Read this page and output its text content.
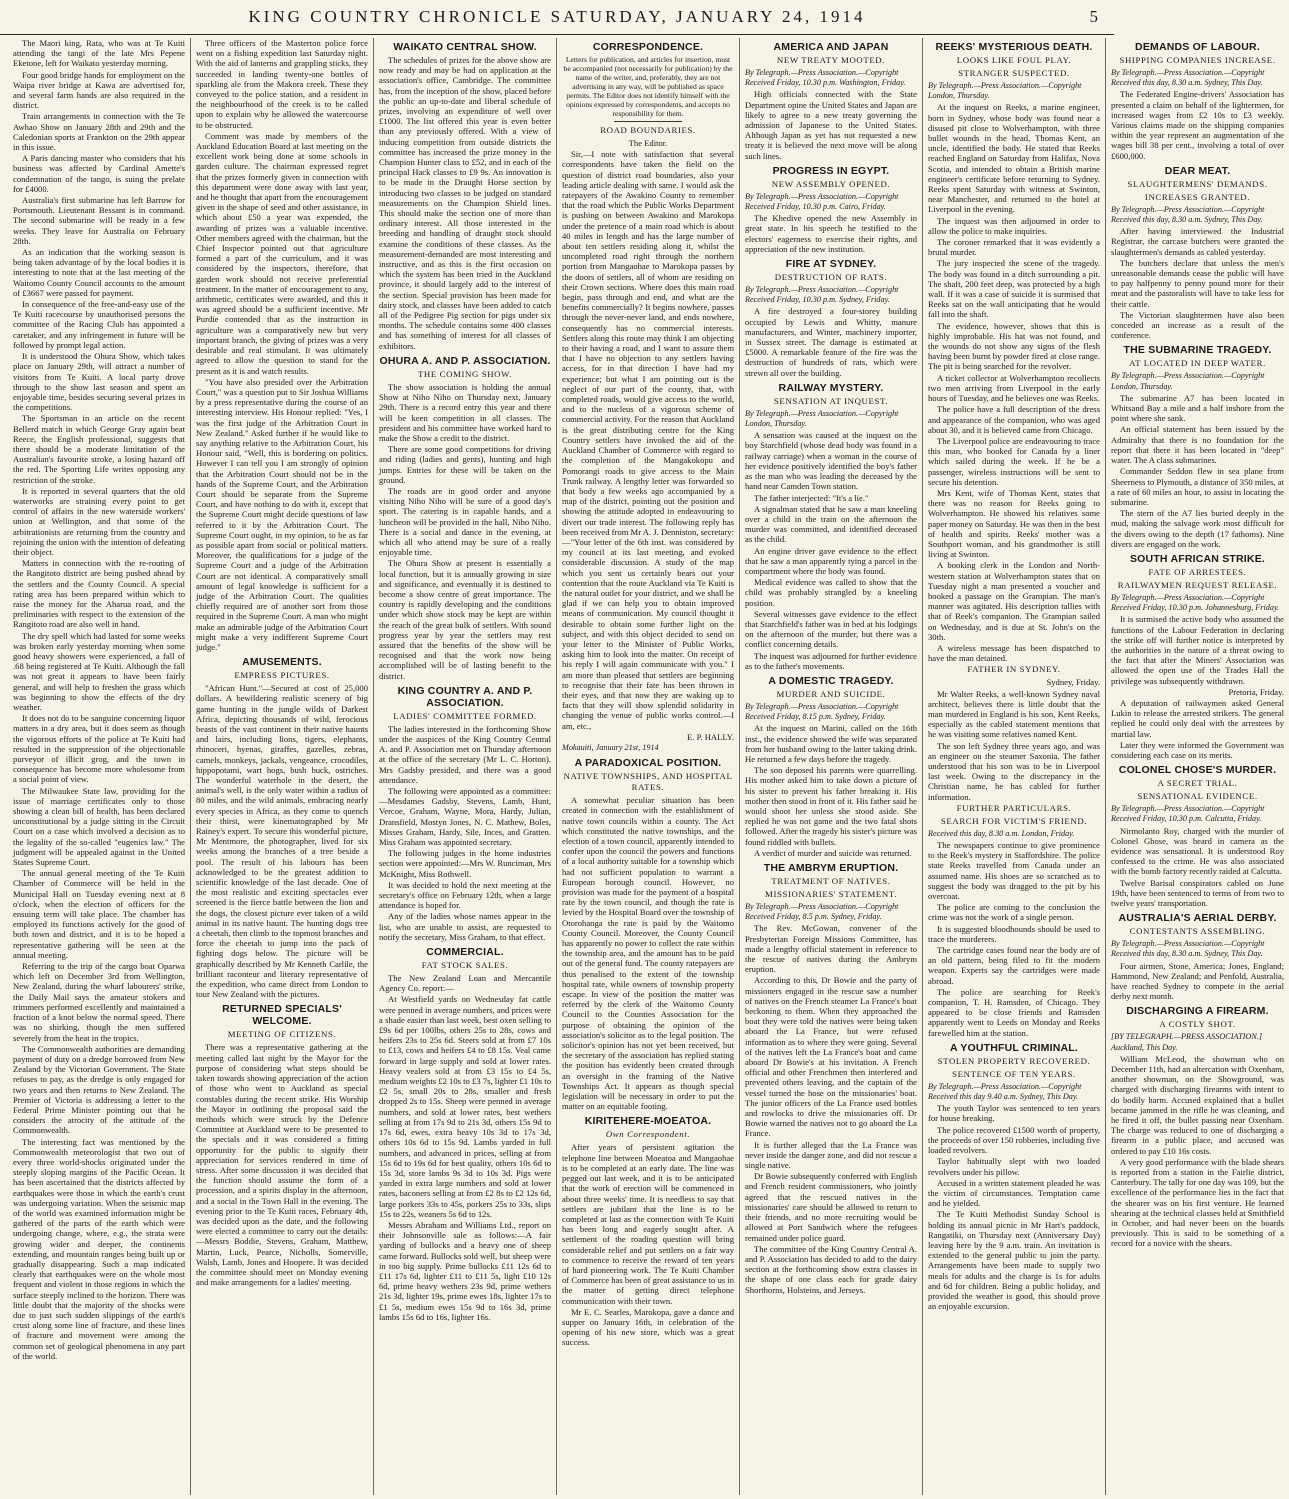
KING COUNTRY CHRONICLE SATURDAY, JANUARY 24, 1914	5

The Maori king, Rata, who was at Te Kuiti attending the tangi of the late Mrs Pepene Eketone, left for Waikato yesterday morning.

Four good bridge hands for employment on the Waipa river bridge at Kawa are advertised for, and several farm hands are also required in the district.

Train arrangements in connection with the Te Awhao Show on January 28th and 29th and the Caledonian sports at Frankton on the 29th appear in this issue.

A Paris dancing master who considers that his business was affected by Cardinal Amette's condemnation of the tango, is suing the prelate for £4000.

Australia's first submarine has left Barrow for Portsmouth. Lieutenant Bessant is in command. The second submarine will be ready in a few weeks. They leave for Australia on February 28th.

As an indication that the working season is being taken advantage of by the local bodies it is interesting to note that at the last meeting of the Waitomo County Council accounts to the amount of £3667 were passed for payment.

In consequence of the free-and-easy use of the Te Kuiti racecourse by unauthorised persons the committee of the Racing Club has appointed a caretaker, and any infringement in future will be followed by prompt legal action.

It is understood the Ohura Show, which takes place on January 29th, will attract a number of visitors from Te Kuiti. A local party drove through to the show last season and spent an enjoyable time, besides securing several prizes in the competitions.

The Sportsman in an article on the recent Bellerd match in which George Gray again beat Reece, the English professional, suggests that there should be a moderate limitation of the Australian's favourite stroke, a losing hazard off the red. The Sporting Life writes opposing any restriction of the stroke.

It is reported in several quarters that the old waterworks are straining every point to get control of affairs in the new waterside workers' union at Wellington, and that some of the arbitrationists are returning from the country and rejoining the union with the intention of defeating their object.

Matters in connection with the re-routing of the Rangitoto district are being pushed ahead by the settlers and the County Council. A special rating area has been prepared within which to raise the money for the Aharua road, and the preliminaries with respect to the extension of the Rangitoto road are also well in hand.

The dry spell which had lasted for some weeks was broken early yesterday morning when some good heavy showers were experienced, a fall of .68 being registered at Te Kuiti. Although the fall was not great it appears to have been fairly general, and will help to freshen the grass which was beginning to show the effects of the dry weather.

It does not do to be sanguine concerning liquor matters in a dry area, but it does seem as though the vigorous efforts of the police at Te Kuiti had resulted in the suppression of the objectionable purveyor of illicit grog, and the town in consequence has become more wholesome from a social point of view.

The Milwaukee State law, providing for the issue of marriage certificates only to those showing a clean bill of health, has been declared unconstitutional by a judge sitting in the Circuit Court on a case which involved a decision as to the legality of the so-called "eugenics law." The judgment will be appealed against in the United States Supreme Court.

The annual general meeting of the Te Kuiti Chamber of Commerce will be held in the Municipal Hall on Tuesday evening next at 8 o'clock, when the election of officers for the ensuing term will take place. The chamber has employed its functions actively for the good of both town and district, and it is to be hoped a representative gathering will be seen at the annual meeting.

Referring to the trip of the cargo boat Oparwa which left on December 3rd from Wellington, New Zealand, during the wharf labourers' strike, the Daily Mail says the amateur stokers and trimmers performed excellently and maintained a fraction of a knot below the normal speed. There was no shirking, though the men suffered severely from the heat in the tropics.

The Commonwealth authorities are demanding payment of duty on a dredge borrowed from New Zealand by the Victorian Government. The State refuses to pay, as the dredge is only engaged for two years and then returns to New Zealand. The Premier of Victoria is addressing a letter to the Federal Prime Minister pointing out that he considers the atrocity of the attitude of the Commonwealth.

The interesting fact was mentioned by the Commonwealth meteorologist that two out of every three world-shocks originated under the steeply sloping margins of the Pacific Ocean. It has been ascertained that the districts affected by earthquakes were those in which the earth's crust was undergoing variation. When the seismic map of the world was examined information might be gathered of the parts of the earth which were undergoing change, where, e.g., the strata were growing wider and deeper, the continents extending, and mountain ranges being built up or gradually disappearing. Such a map indicated clearly that earthquakes were on the whole most frequent and violent in those regions in which the surface steeply inclined to the horizon. There was little doubt that the majority of the shocks were due to just such sudden slippings of the earth's crust along some line of fracture, and these lines of fracture and movement were among the common set of geological phenomena in any part of the world.

Three officers of the Masterton police force went on a fishing expedition last Saturday night. With the aid of lanterns and grappling sticks, they succeeded in landing twenty-one bottles of sparkling ale from the Makora creek. These they conveyed to the police station, and a resident in the neighbourhood of the creek is to be called upon to explain why he allowed the watercourse to be obstructed.

Comment was made by members of the Auckland Education Board at last meeting on the excellent work being done at some schools in garden culture. The chairman expressed regret that the prizes formerly given in connection with this department were done away with last year, and he thought that apart from the encouragement given in the shape of seed and other assistance, in which about £50 a year was expended, the awarding of prizes was a valuable incentive. Other members agreed with the chairman, but the Chief Inspector pointed out that agriculture formed a part of the curriculum, and it was considered by the inspectors, therefore, that garden work should not receive preferential treatment. In the matter of encouragement to any, arithmetic, certificates were awarded, and this it was agreed should be a sufficient incentive. Mr Purdie contended that as the instruction in agriculture was a comparatively new but very important branch, the giving of prizes was a very desirable and real stimulant. It was ultimately agreed to allow the question to stand for the present as it is and watch results.

"You have also presided over the Arbitration Court," was a question put to Sir Joshua Williams by a press representative during the course of an interesting interview. His Honour replied: "Yes, I was the first judge of the Arbitration Court in New Zealand." Asked further if he would like to say anything relative to the Arbitration Court, his Honour said, "Well, this is bordering on politics. However I can tell you I am strongly of opinion that the Arbitration Court should not be in the hands of the Supreme Court, and the Arbitration Court should be separate from the Supreme Court, and have nothing to do with it, except that the Supreme Court might decide questions of law referred to it by the Arbitration Court. The Supreme Court ought, in my opinion, to be as far as possible apart from social or political matters. Moreover, the qualifications for a judge of the Supreme Court and a judge of the Arbitration Court are not identical. A comparatively small amount of legal knowledge is sufficient for a judge of the Arbitration Court. The qualities chiefly required are of another sort from those required in the Supreme Court. A man who might make an admirable judge of the Arbitration Court might make a very indifferent Supreme Court judge."

AMUSEMENTS.
EMPRESS PICTURES.

"African Hunt."—Secured at cost of 25,000 dollars. A bewildering realistic scenery of big game hunting in the jungle wilds of Darkest Africa, depicting thousands of wild, ferocious beasts of the vast continent in their native haunts and lairs, including lions, tigers, elephants, rhinoceri, hyenas, giraffes, gazelles, zebras, camels, monkeys, jackals, vengeance, crocodiles, hippopotami, wart hogs, bush buck, ostriches. The wonderful waterhole in the desert, the animal's well, is the only water within a radius of 80 miles, and the wild animals, embracing nearly every species in Africa, as they come to quench their thirst, were kinematographed by Mr Rainey's expert. To secure this wonderful picture, Mr Mentmore, the photographer, lived for six weeks among the branches of a tree beside a pool. The result of his labours has been acknowledged to be the greatest addition to scientific knowledge of the last decade. One of the most realistic and exciting spectacles ever screened is the fierce battle between the lion and the dogs, the closest picture ever taken of a wild animal in its native haunt. The hunting dogs tree a cheetah, then climb to the topmost branches and force the cheetah to jump into the pack of fighting dogs below. The picture will be graphically described by Mr Kenneth Carlile, the brilliant raconteur and literary representative of the expedition, who came direct from London to tour New Zealand with the pictures.

RETURNED SPECIALS' WELCOME.
MEETING OF CITIZENS.

There was a representative gathering at the meeting called last night by the Mayor for the purpose of considering what steps should be taken towards showing appreciation of the action of those who went to Auckland as special constables during the recent strike. His Worship the Mayor in outlining the proposal said the methods which were struck by the Defence Committee at Auckland were to be presented to the specials and it was considered a fitting opportunity for the public to signify their appreciation for services rendered in time of stress. After some discussion it was decided that the function should assume the form of a procession, and a spirits display in the afternoon, and a social in the Town Hall in the evening. The evening prior to the Te Kuiti races, February 4th, was decided upon as the date, and the following were elected a committee to carry out the details:—Messrs Boddie, Stevens, Graham, Matthew, Martin, Luck, Pearce, Nicholls, Somerville, Walsh, Lamb, Jones and Hoopere. It was decided the committee should meet on Monday evening and make arrangements for a ladies' meeting.

WAIKATO CENTRAL SHOW.

The schedules of prizes for the above show are now ready and may be had on application at the association's office, Cambridge. The committee has, from the inception of the show, placed before the public an up-to-date and liberal schedule of prizes, involving an expenditure of well over £1000. The list offered this year is even better than any previously offered. With a view of inducing competition from outside districts the committee has increased the prize money in the Champion Hunter class to £52, and in each of the principal Hack classes to £9 9s. An innovation is to be made in the Draught Horse section by introducing two classes to be judged on standard measurements on the Champion Shield lines. This should make the section one of more than ordinary interest. All those interested in the breeding and handling of draught stock should examine the conditions of these classes. As the measurement-demanded are most interesting and instructive, and as this is the first occasion on which the system has been tried in the Auckland province, it should largely add to the interest of the section. Special provision has been made for dairy stock, and classes have been added to catch all of the Pedigree Pig section for pigs under six months. The schedule contains some 400 classes and has something of interest for all classes of exhibitors.

OHURA A. AND P. ASSOCIATION.
THE COMING SHOW.

The show association is holding the annual Show at Niho Niho on Thursday next, January 29th. There is a record entry this year and there will be keen competition in all classes. The president and his committee have worked hard to make the Show a credit to the district.

There are some good competitions for driving and riding (ladies and gents), hunting and high jumps. Entries for these will be taken on the ground.

The roads are in good order and anyone visiting Niho Niho will be sure of a good day's sport. The catering is in capable hands, and a luncheon will be provided in the hall, Niho Niho. There is a social and dance in the evening, at which all who attend may be sure of a really enjoyable time.

The Ohura Show at present is essentially a local function, but it is annually growing in size and significance, and eventually it is destined to become a show centre of great importance. The country is rapidly developing and the conditions under which show stock may be kept are within the reach of the great bulk of settlers. With sound progress year by year the settlers may rest assured that the benefits of the show will be recognised and that the work now being accomplished will be of lasting benefit to the district.

KING COUNTRY A. AND P. ASSOCIATION.
LADIES' COMMITTEE FORMED.

The ladies interested in the forthcoming Show under the auspices of the King Country Central A. and P. Association met on Thursday afternoon at the office of the secretary (Mr L. C. Horton). Mrs Gadsby presided, and there was a good attendance.

The following were appointed as a committee:—Mesdames Gadsby, Stevens, Lamb, Hunt, Vercoe, Graham, Wayne, Mora, Hardy, Julian, Dransfield, Mostyn Jones, N. C. Mathew, Boles, Misses Graham, Hardy, Sile, Inces, and Gratten. Miss Graham was appointed secretary.

The following judges in the home industries section were appointed:—Mrs W. Runciman, Mrs McKnight, Miss Rothwell.

It was decided to hold the next meeting at the secretary's office on February 12th, when a large attendance is hoped for.

Any of the ladies whose names appear in the list, who are unable to assist, are requested to notify the secretary, Miss Graham, to that effect.

COMMERCIAL.
FAT STOCK SALES.

The New Zealand Loan and Mercantile Agency Co. report:—

At Westfield yards on Wednesday fat cattle were penned in average numbers, and prices were a shade easier than last week, best oxen selling to £9s 6d per 100lbs, others 25s to 28s, cows and heifers 23s to 25s 6d. Steers sold at from £7 10s to £13, cows and heifers £4 to £8 15s. Veal came forward in large supply and sold at lower rates. Heavy vealers sold at from £3 15s to £4 5s, medium weights £2 10s to £3 7s, lighter £1 10s to £2 5s, small 20s to 28s, smaller and fresh dropped 2s to 15s. Sheep were penned in average numbers, and sold at lower rates, best wethers selling at from 17s 9d to 21s 3d, others 15s 9d to 17s 6d, ewes, extra heavy 10s 3d to 17s 3d, others 10s 6d to 15s 9d. Lambs yarded in full numbers, and advanced in prices, selling at from 15s 6d to 19s 6d for best quality, others 10s 6d to 15s 3d, store lambs 9s 3d to 10s 3d. Pigs were yarded in extra large numbers and sold at lower rates, baconers selling at from £2 8s to £2 12s 6d, large porkers 33s to 45s, porkers 25s to 33s, slips 15s to 22s, weaners 5s 6d to 12s.

Messrs Abraham and Williams Ltd., report on their Johnsonville sale as follows:—A fair yarding of bullocks and a heavy one of sheep came forward. Bullocks sold well, but sheep were in too big supply. Prime bullocks £11 12s 6d to £11 17s 6d, lighter £11 to £11 5s, light £10 12s 6d, prime heavy wethers 23s 9d, prime wethers 21s 3d, lighter 19s, prime ewes 18s, lighter 17s to £1 5s, medium ewes 15s 9d to 16s 3d, prime lambs 15s 6d to 16s, lighter 16s.

CORRESPONDENCE.

Letters for publication, and articles for insertion, must be accompanied (not necessarily for publication) by the name of the writer, and, preferably, they are not advertising in any way, will be published as space permits. The Editor does not identify himself with the opinions expressed by correspondents, and accepts no responsibility for them.

ROAD BOUNDARIES.

The Editor.

Sir,—I note with satisfaction that several correspondents have taken the field on the question of district road boundaries, also your leading article dealing with same. I would ask the ratepayers of the Awakino County to remember that the road which the Public Works Department is pushing on between Awakino and Marokopa under the pretence of a main road which is about 40 miles in length and has the large number of about ten settlers residing along it, whilst the uncompleted road right through the northern portion from Mangaohae to Marokopa passes by the doors of settlers, all of whom are residing on their Crown sections. Where does this main road begin, pass through and end, and what are the benefits commercially? It begins nowhere, passes through the never-never land, and ends nowhere, consequently has no commercial interests. Settlers along this route may think I am objecting to their having a road, and I want to assure them that I have no objection to any settlers having access, for in that direction I have had my experience; but what I am pointing out is the neglect of our part of the county, that, with completed roads, would give access to the world, and to the nucleus of a vigorous scheme of commercial activity. For the reason that Auckland is the great distributing centre for the King Country settlers have invoked the aid of the Auckland Chamber of Commerce with regard to the completion of the Mangakokopu and Pomorangi roads to give access to the Main Trunk railway. A lengthy letter was forwarded so that body a few weeks ago accompanied by a map of the district, pointing out the position and showing the attitude adopted in endeavouring to divert our trade interest. The following reply has been received from Mr A. J. Denniston, secretary:—"Your letter of the 6th inst. was considered by my council at its last meeting, and evoked considerable discussion. A study of the map which you sent us certainly bears out your contention that the route Auckland via Te Kuiti is the natural outlet for your district, and we shall be glad if we can help you to obtain improved means of communication. My council thought it desirable to obtain some further light on the subject, and with this object decided to send on your letter to the Minister of Public Works, asking him to look into the matter. On receipt of his reply I will again communicate with you." I am more than pleased that settlers are beginning to recognise that their fate has been thrown in their eyes, and that now they are waking up to facts that they will show splendid solidarity in changing the venue of public works control.—I am, etc.,

E. P. HALLY.

Mokauiti, January 21st, 1914

A PARADOXICAL POSITION.
NATIVE TOWNSHIPS, AND HOSPITAL RATES.

A somewhat peculiar situation has been created in connection with the establishment of native town councils within a county. The Act which constituted the native townships, and the election of a town council, apparently intended to confer upon the council the powers and functions of a local authority suitable for a township which had not sufficient population to warrant a European borough council. However, no provision was made for the payment of a hospital rate by the town council, and though the rate is levied by the Hospital Board over the township of Otorohanga the rate is paid by the Waitomo County Council. Moreover, the County Council has apparently no power to collect the rate within the township area, and the amount has to be paid out of the general fund. The county ratepayers are thus penalised to the extent of the township hospital rate, while owners of township property escape. In view of the position the matter was referred by the clerk of the Waitomo County Council to the Counties Association for the purpose of obtaining the opinion of the association's solicitor as to the legal position. The solicitor's opinion has not yet been received, but the secretary of the association has replied stating the position has evidently been created through an oversight in the framing of the Native Townships Act. It appears as though special legislation will be necessary in order to put the matter on an equitable footing.

KIRITEHERE-MOEATOA.
Own Correspondent.

After years of persistent agitation the telephone line between Moeatoa and Mangaohae is to be completed at an early date. The line was pegged out last week, and it is to be anticipated that the work of erection will be commenced in about three weeks' time. It is needless to say that settlers are jubilant that the line is to be completed at last as the connection with Te Kuiti has been long and eagerly sought after. A settlement of the roading question will bring considerable relief and put settlers on a fair way to commence to receive the reward of ten years of hard pioneering work. The Te Kuiti Chamber of Commerce has been of great assistance to us in the matter of getting direct telephone communication with their town.

Mr E. C. Searles, Marokopa, gave a dance and supper on January 16th, in celebration of the opening of his new store, which was a great success.

AMERICA AND JAPAN
NEW TREATY MOOTED.

By Telegraph.—Press Association.—Copyright Received Friday, 10.30 p.m. Washington, Friday.

High officials connected with the State Department opine the United States and Japan are likely to agree to a new treaty governing the admission of Japanese to the United States. Although Japan as yet has not requested a new treaty it is believed the next move will be along such lines.

PROGRESS IN EGYPT.
NEW ASSEMBLY OPENED.

By Telegraph.—Press Association.—Copyright Received Friday, 10.30 p.m. Cairo, Friday.

The Khedive opened the new Assembly in great state. In his speech he testified to the electors' eagerness to exercise their rights, and appreciation of the new institution.

FIRE AT SYDNEY.
DESTRUCTION OF RATS.

By Telegraph.—Press Association.—Copyright Received Friday, 10.30 p.m. Sydney, Friday.

A fire destroyed a four-storey building occupied by Lewis and Whitty, manure manufacturers, and Winter, machinery importer, in Sussex street. The damage is estimated at £5000. A remarkable feature of the fire was the destruction of hundreds of rats, which were strewn all over the building.

RAILWAY MYSTERY.
SENSATION AT INQUEST.

By Telegraph.—Press Association.—Copyright London, Thursday.

A sensation was caused at the inquest on the boy Starchfield (whose dead body was found in a railway carriage) when a woman in the course of her evidence positively identified the boy's father as the man who was leading the deceased by the hand near Camden Town station.

The father interjected: "It's a lie."

A signalman stated that he saw a man kneeling over a child in the train on the afternoon the murder was committed, and identified deceased as the child.

An engine driver gave evidence to the effect that he saw a man apparently tying a parcel in the compartment where the body was found.

Medical evidence was called to show that the child was probably strangled by a kneeling position.

Several witnesses gave evidence to the effect that Starchfield's father was in bed at his lodgings on the afternoon of the murder, but there was a conflict concerning details.

The inquest was adjourned for further evidence as to the father's movements.

A DOMESTIC TRAGEDY.
MURDER AND SUICIDE.

By Telegraph.—Press Association.—Copyright Received Friday, 8.15 p.m. Sydney, Friday.

At the inquest on Marini, called on the 16th inst., the evidence showed the wife was separated from her husband owing to the latter taking drink. He returned a few days before the tragedy.

The son deposed his parents were quarrelling. His mother asked him to take down a picture of his sister to prevent his father breaking it. His mother then stood in front of it. His father said he would shoot her unless she stood aside. She replied he was not game and the two fatal shots followed. After the tragedy his sister's picture was found riddled with bullets.

A verdict of murder and suicide was returned.

THE AMBRYM ERUPTION.
TREATMENT OF NATIVES.
MISSIONARIES' STATEMENT.

By Telegraph.—Press Association.—Copyright Received Friday, 8.5 p.m. Sydney, Friday.

The Rev. McGowan, convener of the Presbyterian Foreign Missions Committee, has made a lengthy official statement in reference to the rescue of natives during the Ambrym eruption.

According to this, Dr Bowie and the party of missioners engaged in the rescue saw a number of natives on the French steamer La France's boat beckoning to them. When they approached the boat they were told the natives were being taken aboard the La France, but were refused information as to where they were going. Several of the natives left the La France's boat and came aboard Dr Bowie's at his invitation. A French official and other Frenchmen then interfered and prevented others leaving, and the captain of the vessel turned the hose on the missionaries' boat. The junior officers of the La France used bottles and rowlocks to drive the missionaries off. Dr Bowie warned the natives not to go aboard the La France.

It is further alleged that the La France was never inside the danger zone, and did not rescue a single native.

Dr Bowie subsequently conferred with English and French resident commissioners, who jointly agreed that the rescued natives in the missionaries' care should be allowed to return to their friends, and no more recruiting would be allowed at Port Sandwich where the refugees remained under police guard.

The committee of the King Country Central A. and P. Association has decided to add to the dairy section at the forthcoming show extra classes in the shape of one class each for grade dairy Shorthorns, Holsteins, and Jerseys.

REEKS' MYSTERIOUS DEATH.
LOOKS LIKE FOUL PLAY.
STRANGER SUSPECTED.

By Telegraph.—Press Association.—Copyright London, Thursday.

At the inquest on Reeks, a marine engineer, born in Sydney, whose body was found near a disused pit close to Wolverhampton, with three bullet wounds in the head, Thomas Kent, an uncle, identified the body. He stated that Reeks reached England on Saturday from Halifax, Nova Scotia, and intended to obtain a British marine engineer's certificate before returning to Sydney. Reeks spent Saturday with witness at Swinton, near Manchester, and returned to the hotel at Liverpool in the evening.

The inquest was then adjourned in order to allow the police to make inquiries.

The coroner remarked that it was evidently a brutal murder.

The jury inspected the scene of the tragedy. The body was found in a ditch surrounding a pit. The shaft, 200 feet deep, was protected by a high wall. If it was a case of suicide it is surmised that Reeks sat on the wall anticipating that he would fall into the shaft.

The evidence, however, shows that this is highly improbable. His hat was not found, and the wounds do not show any signs of the flesh having been burnt by powder fired at close range. The pit is being searched for the revolver.

A ticket collector at Wolverhampton recollects two men arriving from Liverpool in the early hours of Tuesday, and he believes one was Reeks.

The police have a full description of the dress and appearance of the companion, who was aged about 30, and it is believed came from Chicago.

The Liverpool police are endeavouring to trace this man, who booked for Canada by a liner which sailed during the week. If he be a passenger, wireless instructions will be sent to secure his detention.

Mrs Kent, wife of Thomas Kent, states that there was no reason for Reeks going to Wolverhampton. He showed his relatives some paper money on Saturday. He was then in the best of health and spirits. Reeks' mother was a Southport woman, and his grandmother is still living at Swinton.

A booking clerk in the London and North-western station at Wolverhampton states that on Tuesday night a man presented a voucher and booked a passage on the Grampian. The man's manner was agitated. His description tallies with that of Reek's companion. The Grampian sailed on Wednesday, and is due at St. John's on the 30th.

A wireless message has been dispatched to have the man detained.

FATHER IN SYDNEY.

Sydney, Friday.

Mr Walter Reeks, a well-known Sydney naval architect, believes there is little doubt that the man murdered in England is his son, Kent Reeks, especially as the cabled statement mentions that he was visiting some relatives named Kent.

The son left Sydney three years ago, and was an engineer on the steamer Saxonia. The father understood that his son was to be in Liverpool last week. Owing to the discrepancy in the Christian name, he has cabled for further information.

FURTHER PARTICULARS.
SEARCH FOR VICTIM'S FRIEND.

Received this day, 8.30 a.m. London, Friday.

The newspapers continue to give prominence to the Reek's mystery in Staffordshire. The police state Reeks travelled from Canada under an assumed name. His shoes are so scratched as to suggest the body was dragged to the pit by his overcoat.

The police are coming to the conclusion the crime was not the work of a single person.

It is suggested bloodhounds should be used to trace the murderers.

The cartridge cases found near the body are of an old pattern, being filed to fit the modern weapon. Experts say the cartridges were made abroad.

The police are searching for Reek's companion, T. H. Ramsden, of Chicago. They appeared to be close friends and Ramsden apparently went to Leeds on Monday and Reeks farewelled him at the station.

A YOUTHFUL CRIMINAL.
STOLEN PROPERTY RECOVERED.
SENTENCE OF TEN YEARS.

By Telegraph.—Press Association.—Copyright Received this day 9.40 a.m. Sydney, This Day.

The youth Taylor was sentenced to ten years for house breaking.

The police recovered £1500 worth of property, the proceeds of over 150 robberies, including five loaded revolvers.

Taylor habitually slept with two loaded revolvers under his pillow.

Accused in a written statement pleaded he was the victim of circumstances. Temptation came and he yielded.

The Te Kuiti Methodist Sunday School is holding its annual picnic in Mr Hart's paddock, Rangatiki, on Thursday next (Anniversary Day) leaving here by the 9 a.m. train. An invitation is extended to the general public to join the party. Arrangements have been made to supply two meals for adults and the charge is 1s for adults and 6d for children. Being a public holiday, and provided the weather is good, this should prove an enjoyable excursion.

DEMANDS OF LABOUR.
SHIPPING COMPANIES INCREASE.

By Telegraph.—Press Association.—Copyright Received this day, 8.30 a.m. Sydney, This Day.

The Federated Engine-drivers' Association has presented a claim on behalf of the lightermen, for increased wages from £2 10s to £3 weekly. Various claims made on the shipping companies within the year represent an augmentation of the wages bill 38 per cent., involving a total of over £600,000.

DEAR MEAT.
SLAUGHTERMENS' DEMANDS.
INCREASES GRANTED.

By Telegraph.—Press Association.—Copyright Received this day, 8.30 a.m. Sydney, This Day.

After having interviewed the Industrial Registrar, the carcase butchers were granted the slaughtermen's demands as cabled yesterday.

The butchers declare that unless the men's unreasonable demands cease the public will have to pay halfpenny to penny pound more for their meat and the pastoralists will have to take less for their cattle.

The Victorian slaughtermen have also been conceded an increase as a result of the conference.

THE SUBMARINE TRAGEDY.
AT LOCATED IN DEEP WATER.

By Telegraph.—Press Association.—Copyright London, Thursday.

The submarine A7 has been located in Whitsand Bay a mile and a half inshore from the point where she sank.

An official statement has been issued by the Admiralty that there is no foundation for the report that there it has been located in "deep" water. The A class submarines.

Commander Seddon flew in sea plane from Sheerness to Plymouth, a distance of 350 miles, at a rate of 60 miles an hour, to assist in locating the submarine.

The stern of the A7 lies buried deeply in the mud, making the salvage work most difficult for the divers owing to the depth (17 fathoms). Nine divers are engaged on the work.

SOUTH AFRICAN STRIKE.
FATE OF ARRESTEES.
RAILWAYMEN REQUEST RELEASE.

By Telegraph.—Press Association.—Copyright Received Friday, 10.30 p.m. Johannesburg, Friday.

It is surmised the active body who assumed the functions of the Labour Federation in declaring the strike off will further notice is interpreted by the authorities in the nature of a threat owing to the fact that after the Miners' Association was allowed the open use of the Trades Hall the privilege was subsequently withdrawn.

Pretoria, Friday.

A deputation of railwaymen asked General Lukin to release the arrested strikers. The general replied he could only deal with the arrestees by martial law.

Later they were informed the Government was considering each case on its merits.

COLONEL CHOSE'S MURDER.
A SECRET TRIAL.
SENSATIONAL EVIDENCE.

By Telegraph.—Press Association.—Copyright Received Friday, 10.30 p.m. Calcutta, Friday.

Nirmolanto Roy, charged with the murder of Colonel Ghose, was heard in camera as the evidence was sensational. It is understood Roy confessed to the crime. He was also associated with the bomb factory recently raided at Calcutta.

Twelve Barisal conspirators cabled on June 19th, have been sentenced to terms of from two to twelve years' transportation.

AUSTRALIA'S AERIAL DERBY.
CONTESTANTS ASSEMBLING.

By Telegraph.—Press Association.—Copyright Received this day, 8.30 a.m. Sydney, This Day.

Four airmen, Stone, America; Jones, England; Hammond, New Zealand; and Penfold, Australia, have reached Sydney to compete in the aerial derby next month.

DISCHARGING A FIREARM.
A COSTLY SHOT.

[BY TELEGRAPH.—PRESS ASSOCIATION.] Auckland, This Day.

William McLeod, the showman who on December 11th, had an altercation with Oxenham, another showman, on the Showground, was charged with discharging firearms with intent to do bodily harm. Accused explained that a bullet became jammed in the rifle he was cleaning, and he fired it off, the bullet passing near Oxenham. The charge was reduced to one of discharging a firearm in a public place, and accused was ordered to pay £10 16s costs.

A very good performance with the blade shears is reported from a station in the Fairlie district, Canterbury. The tally for one day was 109, but the excellence of the performance lies in the fact that the shearer was on his first venture. He learned shearing at the technical classes held at Smithfield in October, and had never been on the boards previously. This is said to be something of a record for a novice with the shears.
